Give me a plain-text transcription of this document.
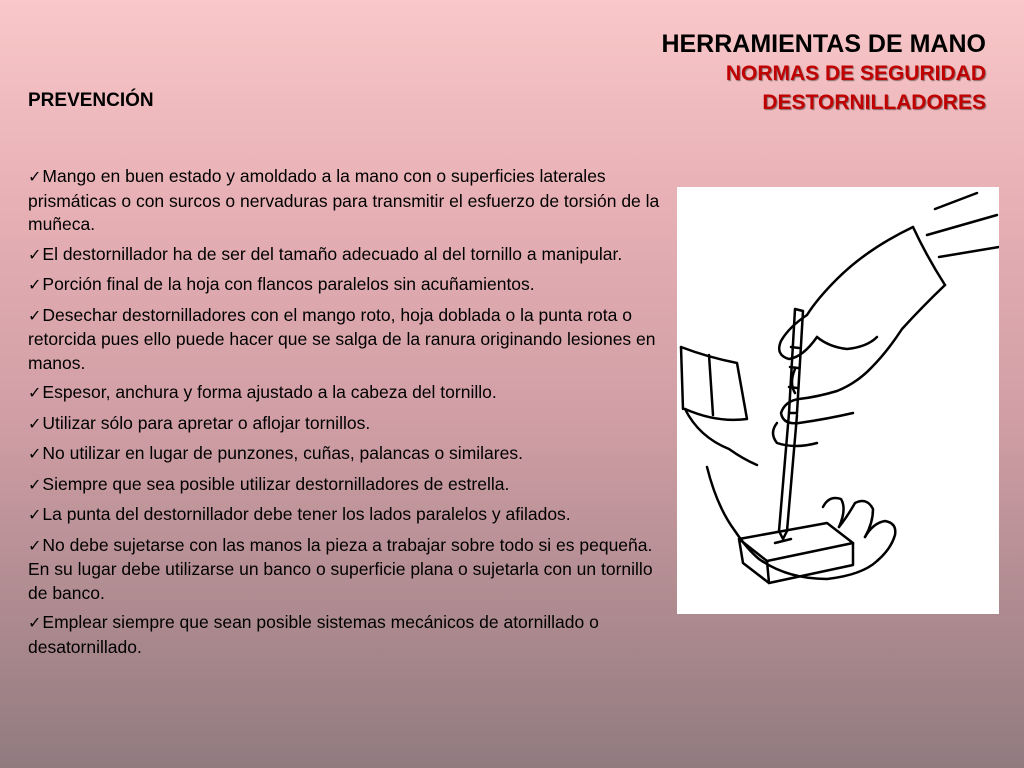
HERRAMIENTAS DE MANO
NORMAS DE SEGURIDAD
DESTORNILLADORES
PREVENCIÓN
✓Mango en buen estado y amoldado a la mano con o superficies laterales prismáticas o con surcos o nervaduras para transmitir el esfuerzo de torsión de la muñeca.
✓El destornillador ha de ser del tamaño adecuado al del tornillo a manipular.
✓Porción final de la hoja con flancos paralelos sin acuñamientos.
✓Desechar destornilladores con el mango roto, hoja doblada o la punta rota o retorcida pues ello puede hacer que se salga de la ranura originando lesiones en manos.
✓Espesor, anchura y forma ajustado a la cabeza del tornillo.
✓Utilizar sólo para apretar o aflojar tornillos.
✓No utilizar en lugar de punzones, cuñas, palancas o similares.
✓Siempre que sea posible utilizar destornilladores de estrella.
✓La punta del destornillador debe tener los lados paralelos y afilados.
✓No debe sujetarse con las manos la pieza a trabajar sobre todo si es pequeña. En su lugar debe utilizarse un banco o superficie plana o sujetarla con un tornillo de banco.
✓Emplear siempre que sean posible sistemas mecánicos de atornillado o desatornillado.
